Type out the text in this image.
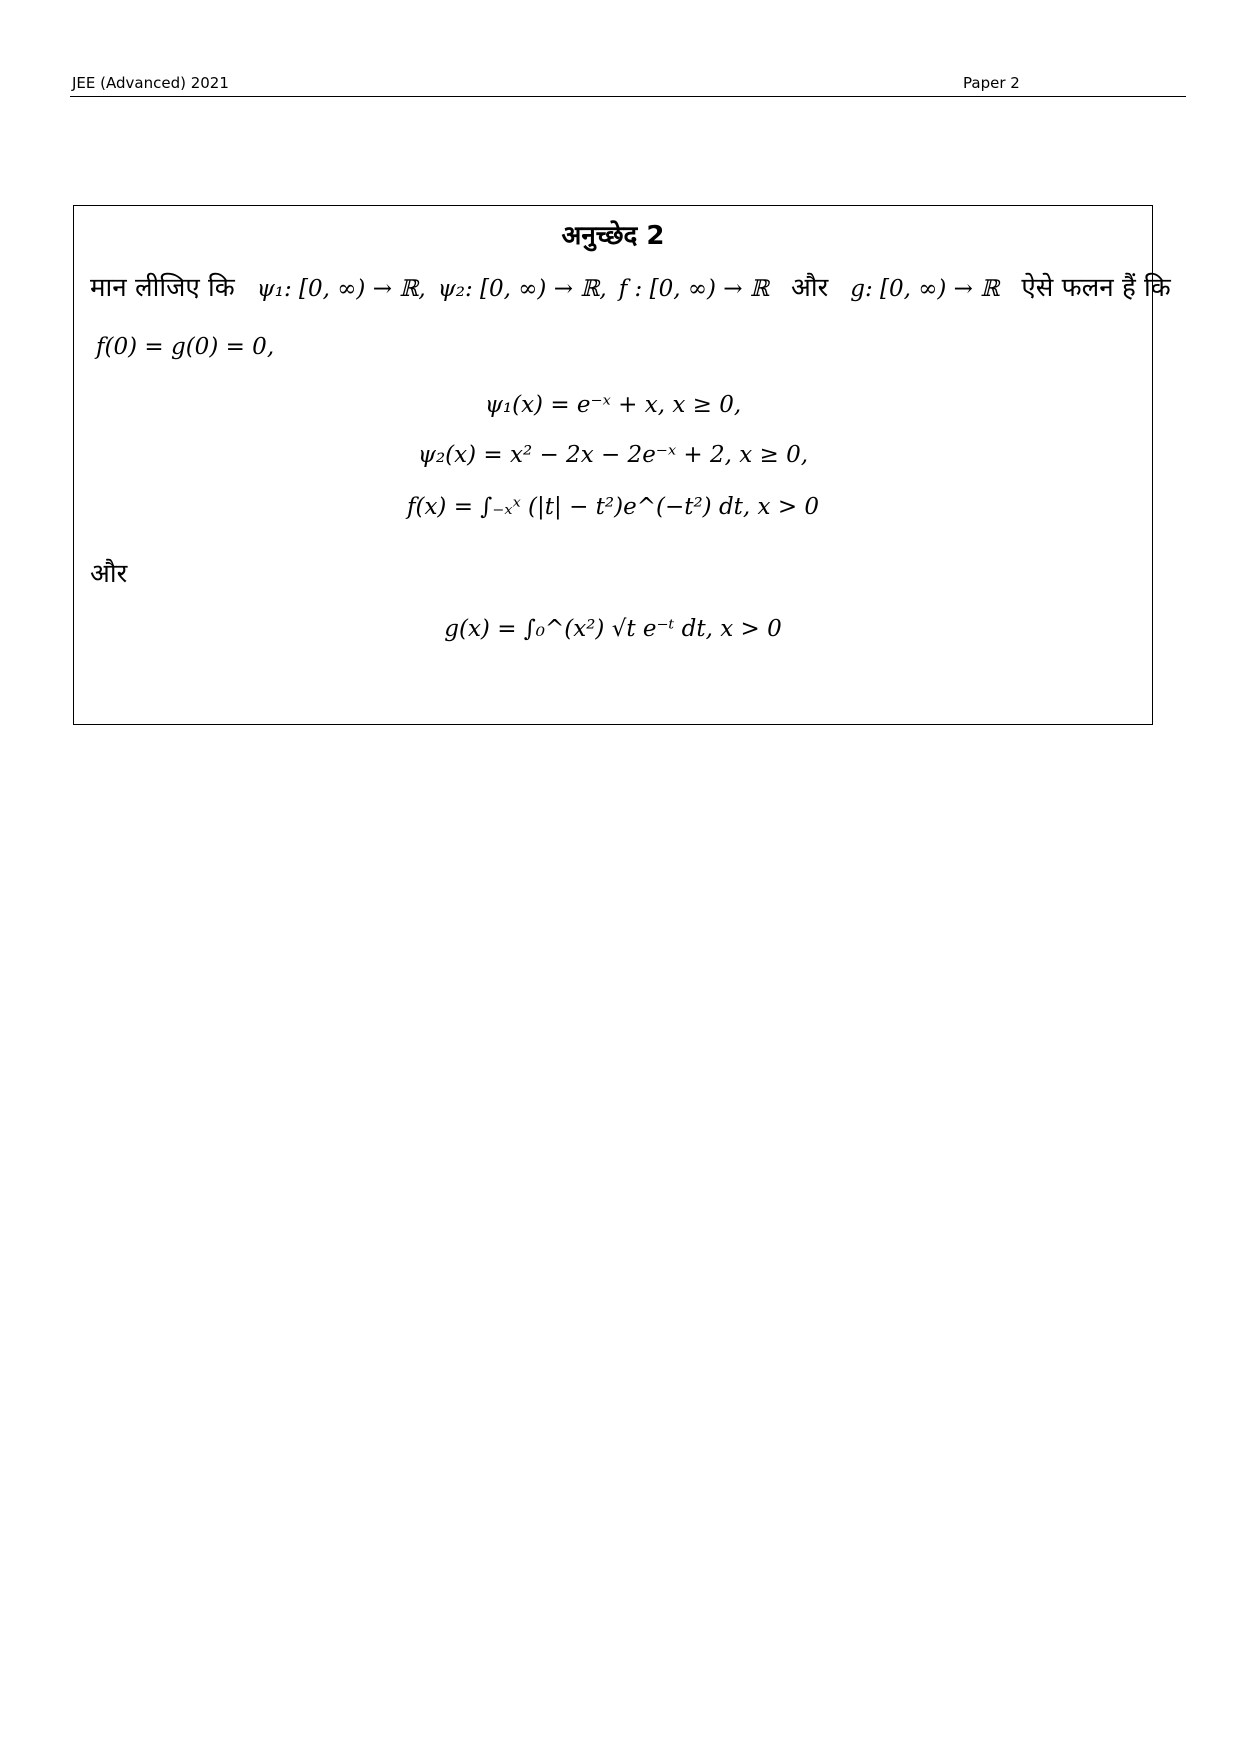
JEE (Advanced) 2021	Paper 2
अनुच्छेद 2
मान लीजिए कि ψ₁: [0, ∞) → ℝ, ψ₂: [0, ∞) → ℝ, f : [0, ∞) → ℝ और g: [0, ∞) → ℝ ऐसे फलन हैं कि
f(0) = g(0) = 0,
ψ₁(x) = e⁻ˣ + x, x ≥ 0,
ψ₂(x) = x² − 2x − 2e⁻ˣ + 2, x ≥ 0,
f(x) = ∫₋ₓˣ (|t| − t²)e^(−t²) dt, x > 0
और
g(x) = ∫₀^(x²) √t e⁻ᵗ dt, x > 0
